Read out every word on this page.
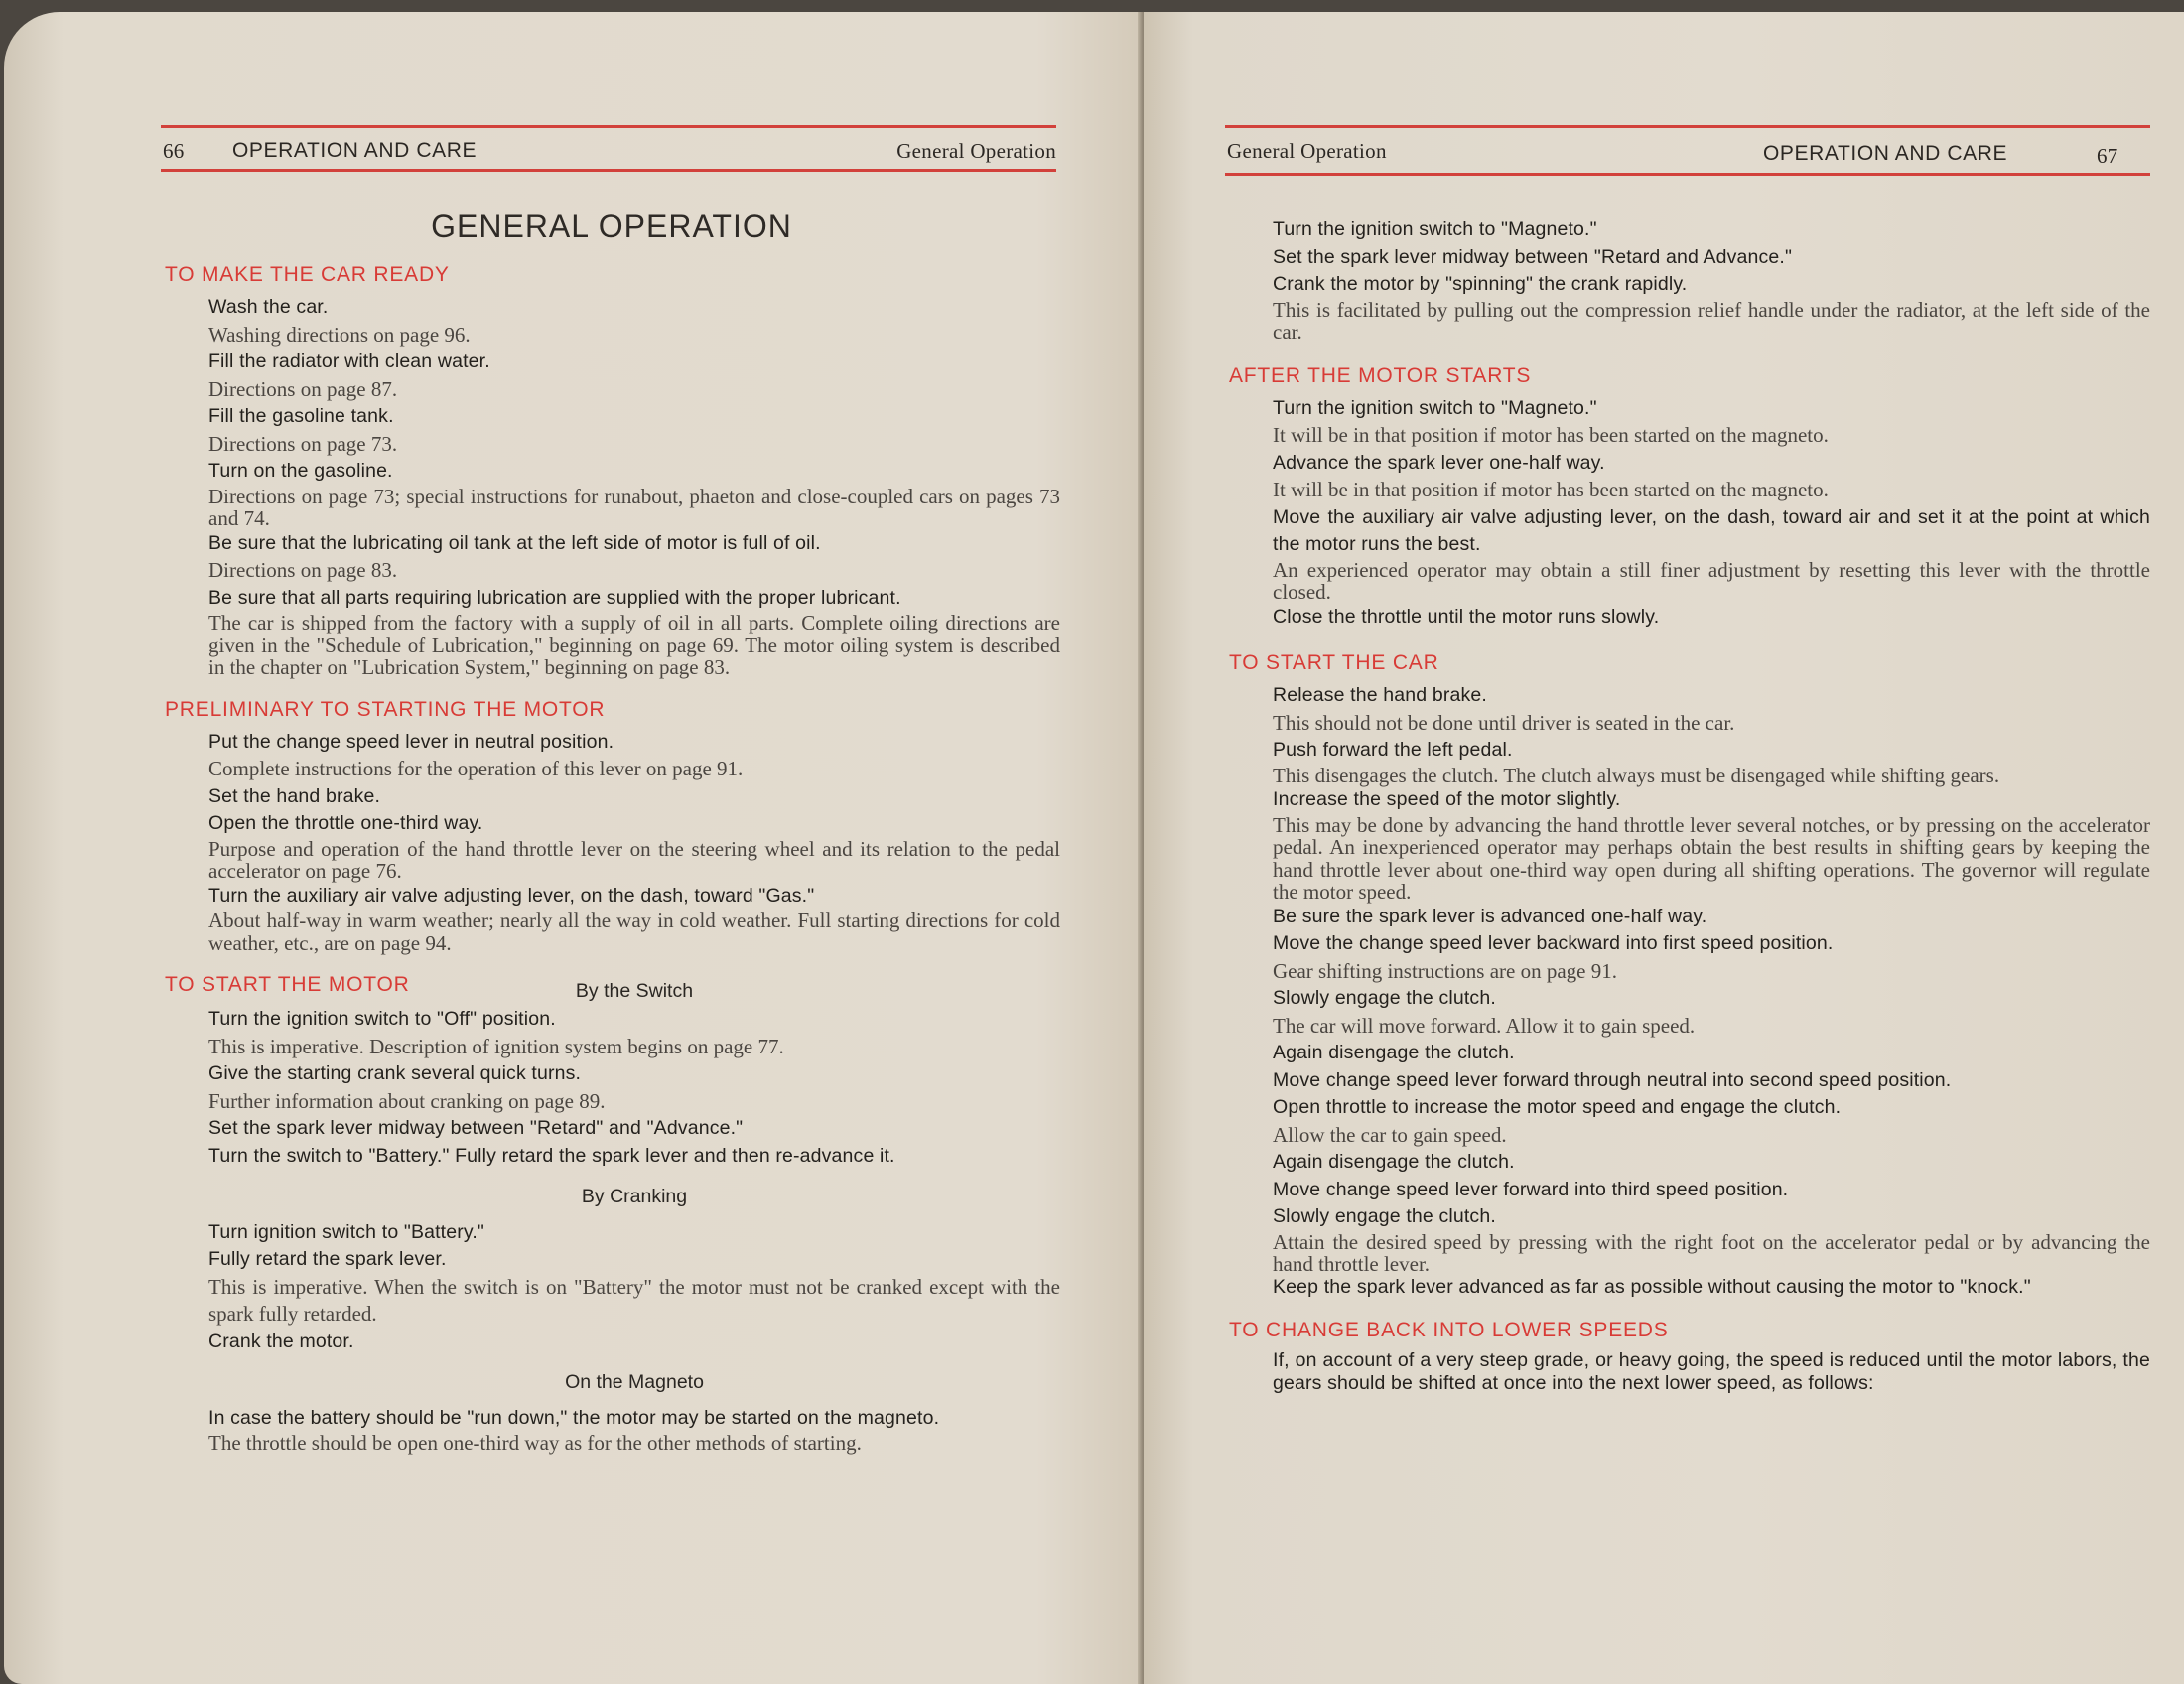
66 OPERATION AND CARE	General Operation
GENERAL OPERATION
TO MAKE THE CAR READY

Wash the car.

Washing directions on page 96.

Fill the radiator with clean water.

Directions on page 87.

Fill the gasoline tank.

Directions on page 73.

Turn on the gasoline.

Directions on page 73; special instructions for runabout, phaeton and close-coupled cars on pages 73 and 74.

Be sure that the lubricating oil tank at the left side of motor is full of oil.

Directions on page 83.

Be sure that all parts requiring lubrication are supplied with the proper lubricant.

The car is shipped from the factory with a supply of oil in all parts. Complete oiling directions are given in the "Schedule of Lubrication," beginning on page 69. The motor oiling system is described in the chapter on "Lubrication System," beginning on page 83.

PRELIMINARY TO STARTING THE MOTOR

Put the change speed lever in neutral position.

Complete instructions for the operation of this lever on page 91.

Set the hand brake.

Open the throttle one-third way.

Purpose and operation of the hand throttle lever on the steering wheel and its relation to the pedal accelerator on page 76.

Turn the auxiliary air valve adjusting lever, on the dash, toward "Gas."

About half-way in warm weather; nearly all the way in cold weather. Full starting directions for cold weather, etc., are on page 94.

TO START THE MOTOR	By the Switch

Turn the ignition switch to "Off" position.

This is imperative. Description of ignition system begins on page 77.

Give the starting crank several quick turns.

Further information about cranking on page 89.

Set the spark lever midway between "Retard" and "Advance."

Turn the switch to "Battery." Fully retard the spark lever and then re-advance it.

By Cranking

Turn ignition switch to "Battery."

Fully retard the spark lever.

This is imperative. When the switch is on "Battery" the motor must not be cranked except with the spark fully retarded.

Crank the motor.

On the Magneto

In case the battery should be "run down," the motor may be started on the magneto.

The throttle should be open one-third way as for the other methods of starting.

General Operation	OPERATION AND CARE	67

Turn the ignition switch to "Magneto."

Set the spark lever midway between "Retard and Advance."

Crank the motor by "spinning" the crank rapidly.

This is facilitated by pulling out the compression relief handle under the radiator, at the left side of the car.

AFTER THE MOTOR STARTS

Turn the ignition switch to "Magneto."

It will be in that position if motor has been started on the magneto.

Advance the spark lever one-half way.

It will be in that position if motor has been started on the magneto.

Move the auxiliary air valve adjusting lever, on the dash, toward air and set it at the point at which the motor runs the best.

An experienced operator may obtain a still finer adjustment by resetting this lever with the throttle closed.

Close the throttle until the motor runs slowly.

TO START THE CAR

Release the hand brake.

This should not be done until driver is seated in the car.

Push forward the left pedal.

This disengages the clutch. The clutch always must be disengaged while shifting gears.

Increase the speed of the motor slightly.

This may be done by advancing the hand throttle lever several notches, or by pressing on the accelerator pedal. An inexperienced operator may perhaps obtain the best results in shifting gears by keeping the hand throttle lever about one-third way open during all shifting operations. The governor will regulate the motor speed.

Be sure the spark lever is advanced one-half way.

Move the change speed lever backward into first speed position.

Gear shifting instructions are on page 91.

Slowly engage the clutch.

The car will move forward. Allow it to gain speed.

Again disengage the clutch.

Move change speed lever forward through neutral into second speed position.

Open throttle to increase the motor speed and engage the clutch.

Allow the car to gain speed.

Again disengage the clutch.

Move change speed lever forward into third speed position.

Slowly engage the clutch.

Attain the desired speed by pressing with the right foot on the accelerator pedal or by advancing the hand throttle lever.

Keep the spark lever advanced as far as possible without causing the motor to "knock."

TO CHANGE BACK INTO LOWER SPEEDS

If, on account of a very steep grade, or heavy going, the speed is reduced until the motor labors, the gears should be shifted at once into the next lower speed, as follows:
